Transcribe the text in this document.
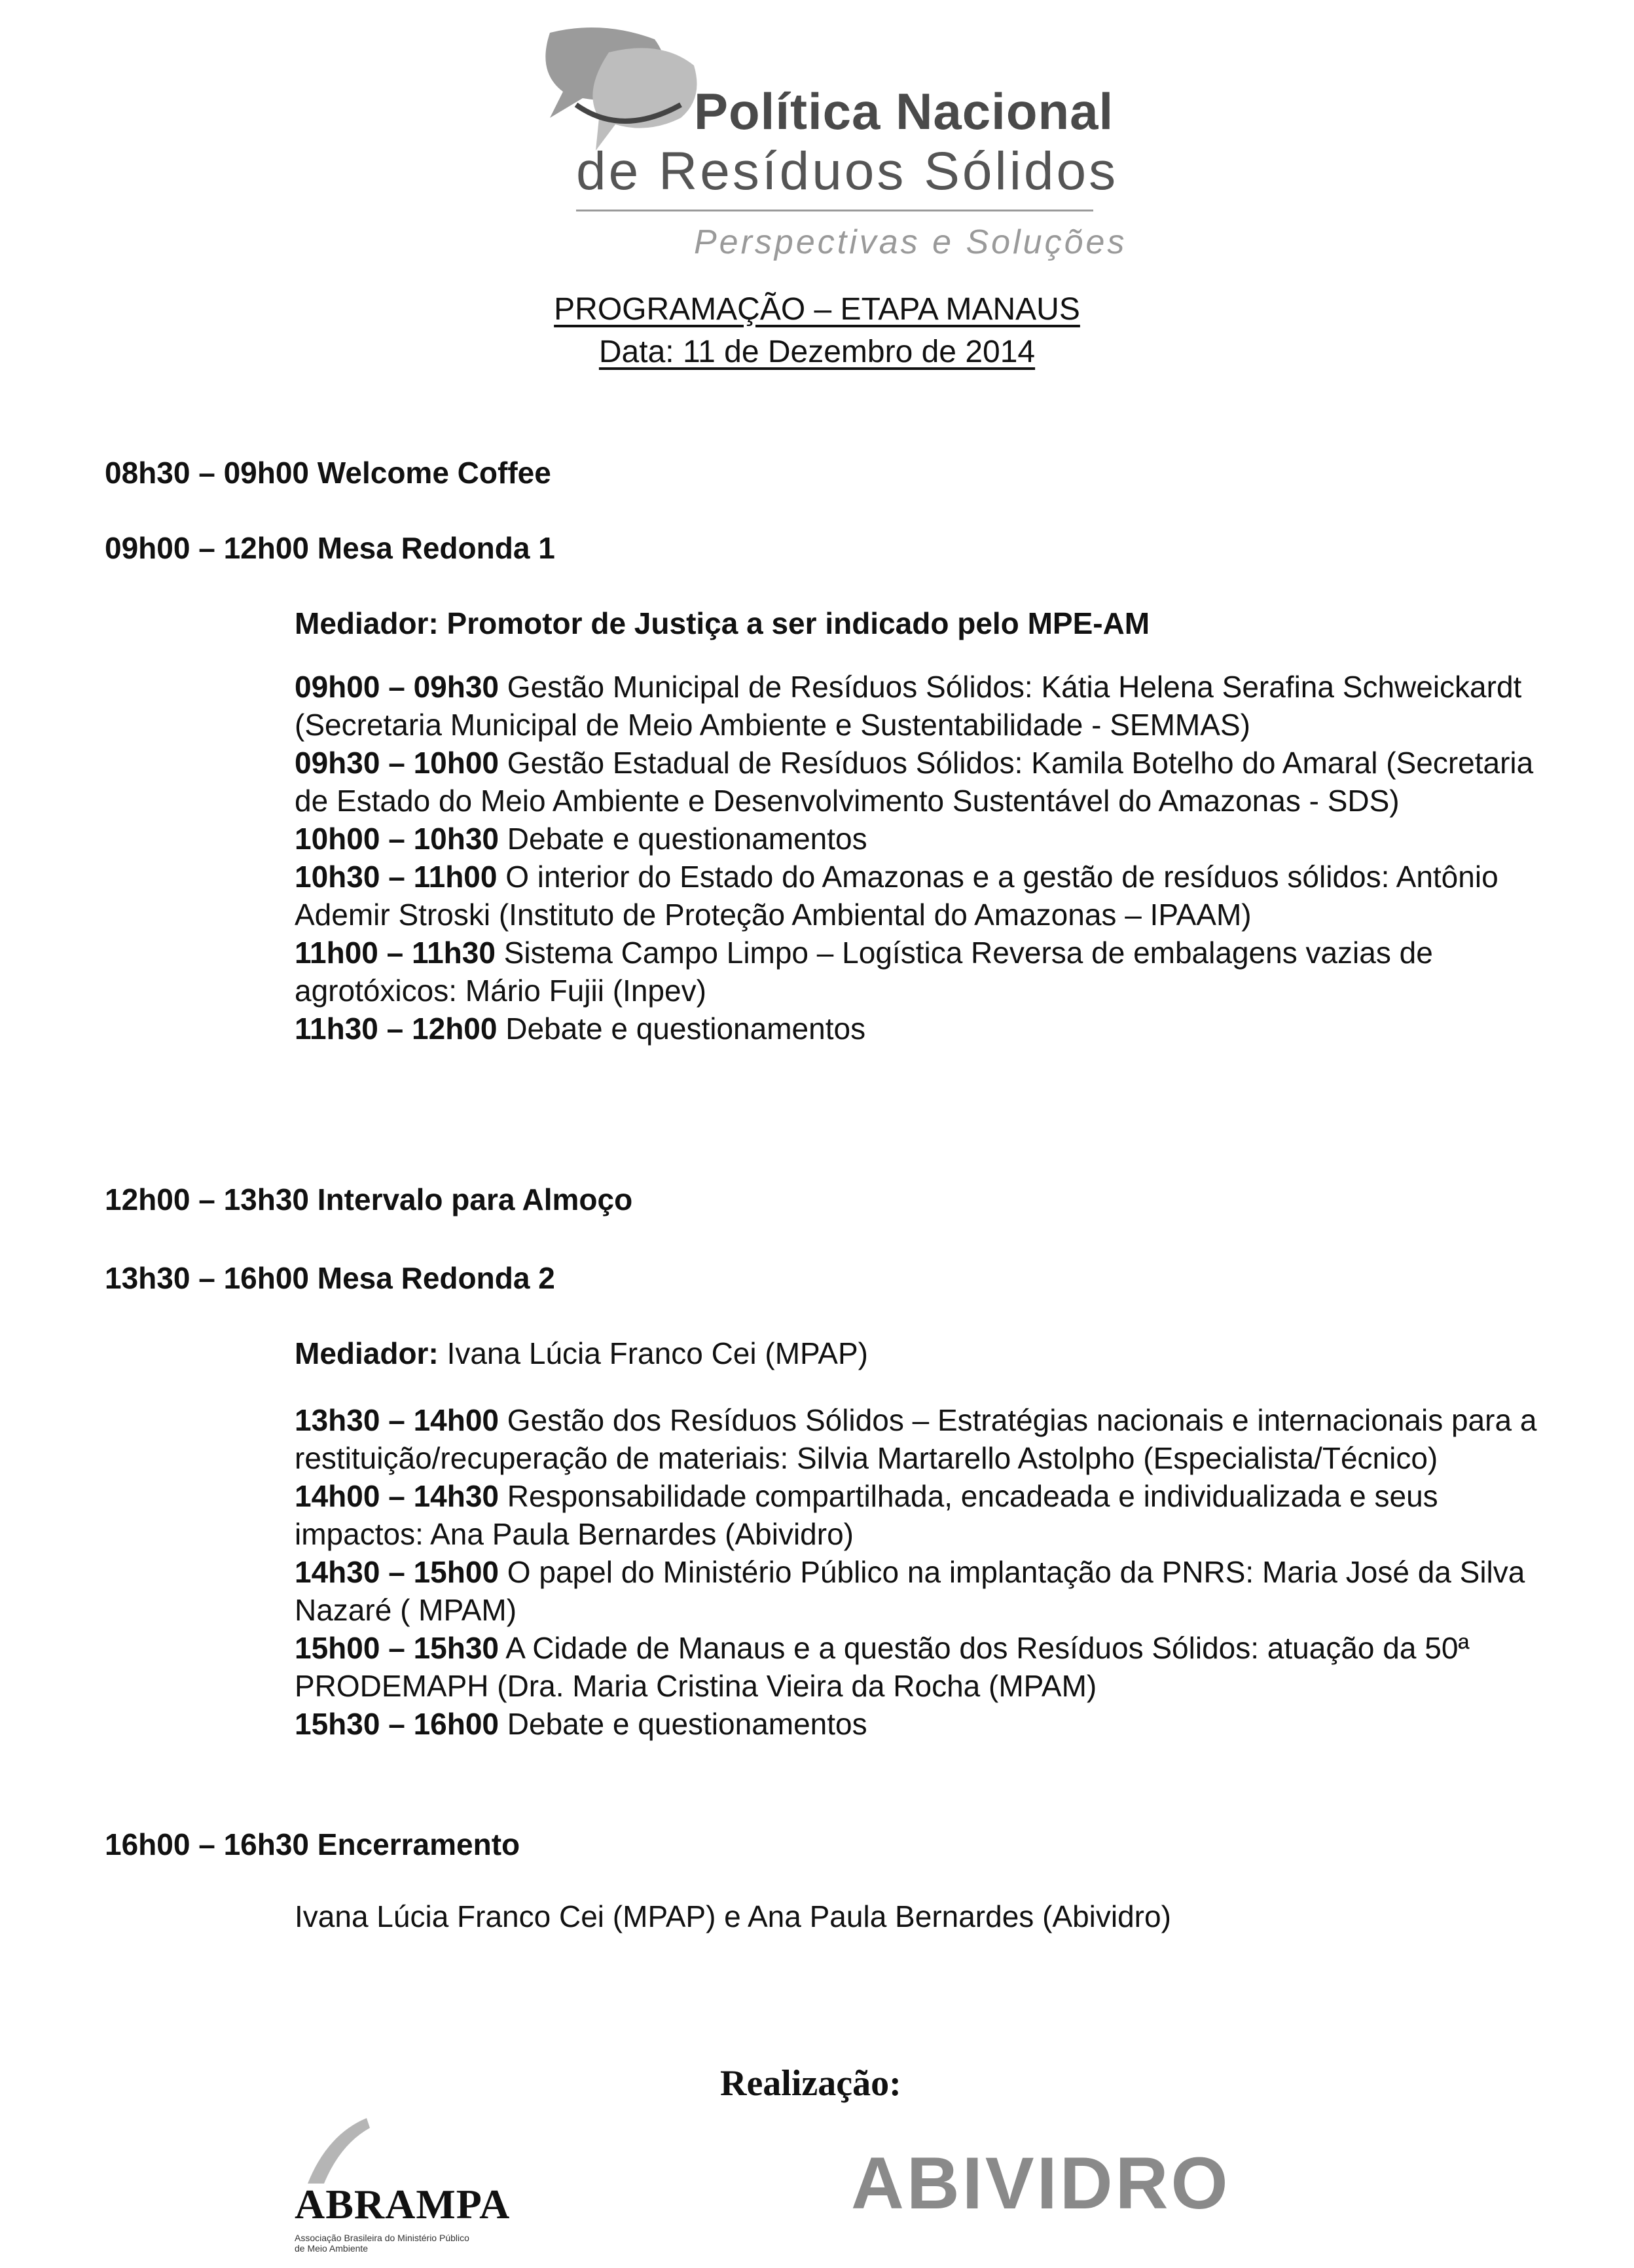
Política Nacional
de Resíduos Sólidos
Perspectivas e Soluções
PROGRAMAÇÃO – ETAPA MANAUS
Data: 11 de Dezembro de 2014
08h30 – 09h00 Welcome Coffee
09h00 – 12h00 Mesa Redonda 1
Mediador: Promotor de Justiça a ser indicado pelo MPE-AM

09h00 – 09h30 Gestão Municipal de Resíduos Sólidos: Kátia Helena Serafina Schweickardt (Secretaria Municipal de Meio Ambiente e Sustentabilidade - SEMMAS)

09h30 – 10h00 Gestão Estadual de Resíduos Sólidos: Kamila Botelho do Amaral (Secretaria de Estado do Meio Ambiente e Desenvolvimento Sustentável do Amazonas - SDS)

10h00 – 10h30 Debate e questionamentos

10h30 – 11h00 O interior do Estado do Amazonas e a gestão de resíduos sólidos: Antônio Ademir Stroski (Instituto de Proteção Ambiental do Amazonas – IPAAM)

11h00 – 11h30 Sistema Campo Limpo – Logística Reversa de embalagens vazias de agrotóxicos: Mário Fujii (Inpev)

11h30 – 12h00 Debate e questionamentos

12h00 – 13h30 Intervalo para Almoço
13h30 – 16h00 Mesa Redonda 2
Mediador: Ivana Lúcia Franco Cei (MPAP)

13h30 – 14h00 Gestão dos Resíduos Sólidos – Estratégias nacionais e internacionais para a restituição/recuperação de materiais: Silvia Martarello Astolpho (Especialista/Técnico)

14h00 – 14h30 Responsabilidade compartilhada, encadeada e individualizada e seus impactos: Ana Paula Bernardes (Abividro)

14h30 – 15h00 O papel do Ministério Público na implantação da PNRS: Maria José da Silva Nazaré ( MPAM)

15h00 – 15h30 A Cidade de Manaus e a questão dos Resíduos Sólidos: atuação da 50ª PRODEMAPH (Dra. Maria Cristina Vieira da Rocha (MPAM)

15h30 – 16h00 Debate e questionamentos

16h00 – 16h30 Encerramento
Ivana Lúcia Franco Cei (MPAP) e Ana Paula Bernardes (Abividro)
Realização:
ABRAMPA
Associação Brasileira do Ministério Público
de Meio Ambiente
ABIVIDRO
